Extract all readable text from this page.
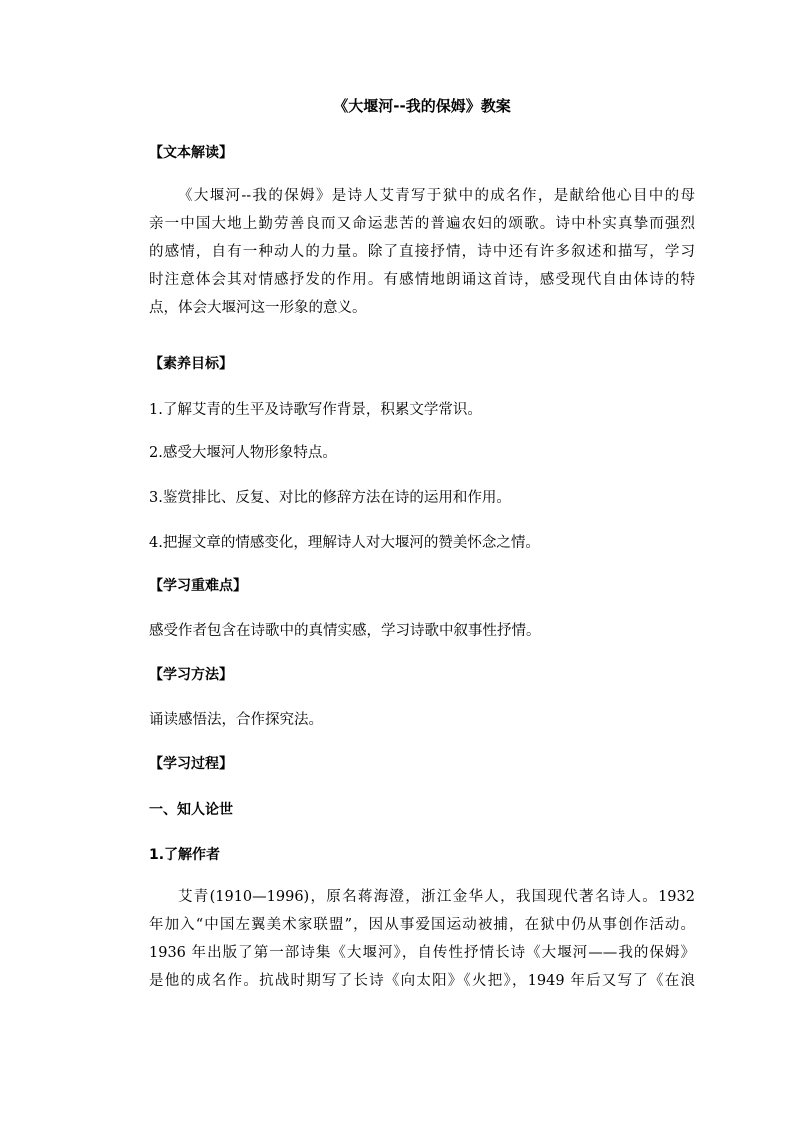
《大堰河--我的保姆》教案
【文本解读】
《大堰河--我的保姆》是诗人艾青写于狱中的成名作，是献给他心目中的母
亲一中国大地上勤劳善良而又命运悲苦的普遍农妇的颂歌。诗中朴实真挚而强烈
的感情，自有一种动人的力量。除了直接抒情，诗中还有许多叙述和描写，学习
时注意体会其对情感抒发的作用。有感情地朗诵这首诗，感受现代自由体诗的特
点，体会大堰河这一形象的意义。
【素养目标】
1.了解艾青的生平及诗歌写作背景，积累文学常识。
2.感受大堰河人物形象特点。
3.鉴赏排比、反复、对比的修辞方法在诗的运用和作用。
4.把握文章的情感变化，理解诗人对大堰河的赞美怀念之情。
【学习重难点】
感受作者包含在诗歌中的真情实感，学习诗歌中叙事性抒情。
【学习方法】
诵读感悟法，合作探究法。
【学习过程】
一、知人论世
1.了解作者
艾青(1910—1996)，原名蒋海澄，浙江金华人，我国现代著名诗人。1932
年加入“中国左翼美术家联盟”，因从事爱国运动被捕，在狱中仍从事创作活动。
1936 年出版了第一部诗集《大堰河》，自传性抒情长诗《大堰河——我的保姆》
是他的成名作。抗战时期写了长诗《向太阳》《火把》，1949 年后又写了《在浪
